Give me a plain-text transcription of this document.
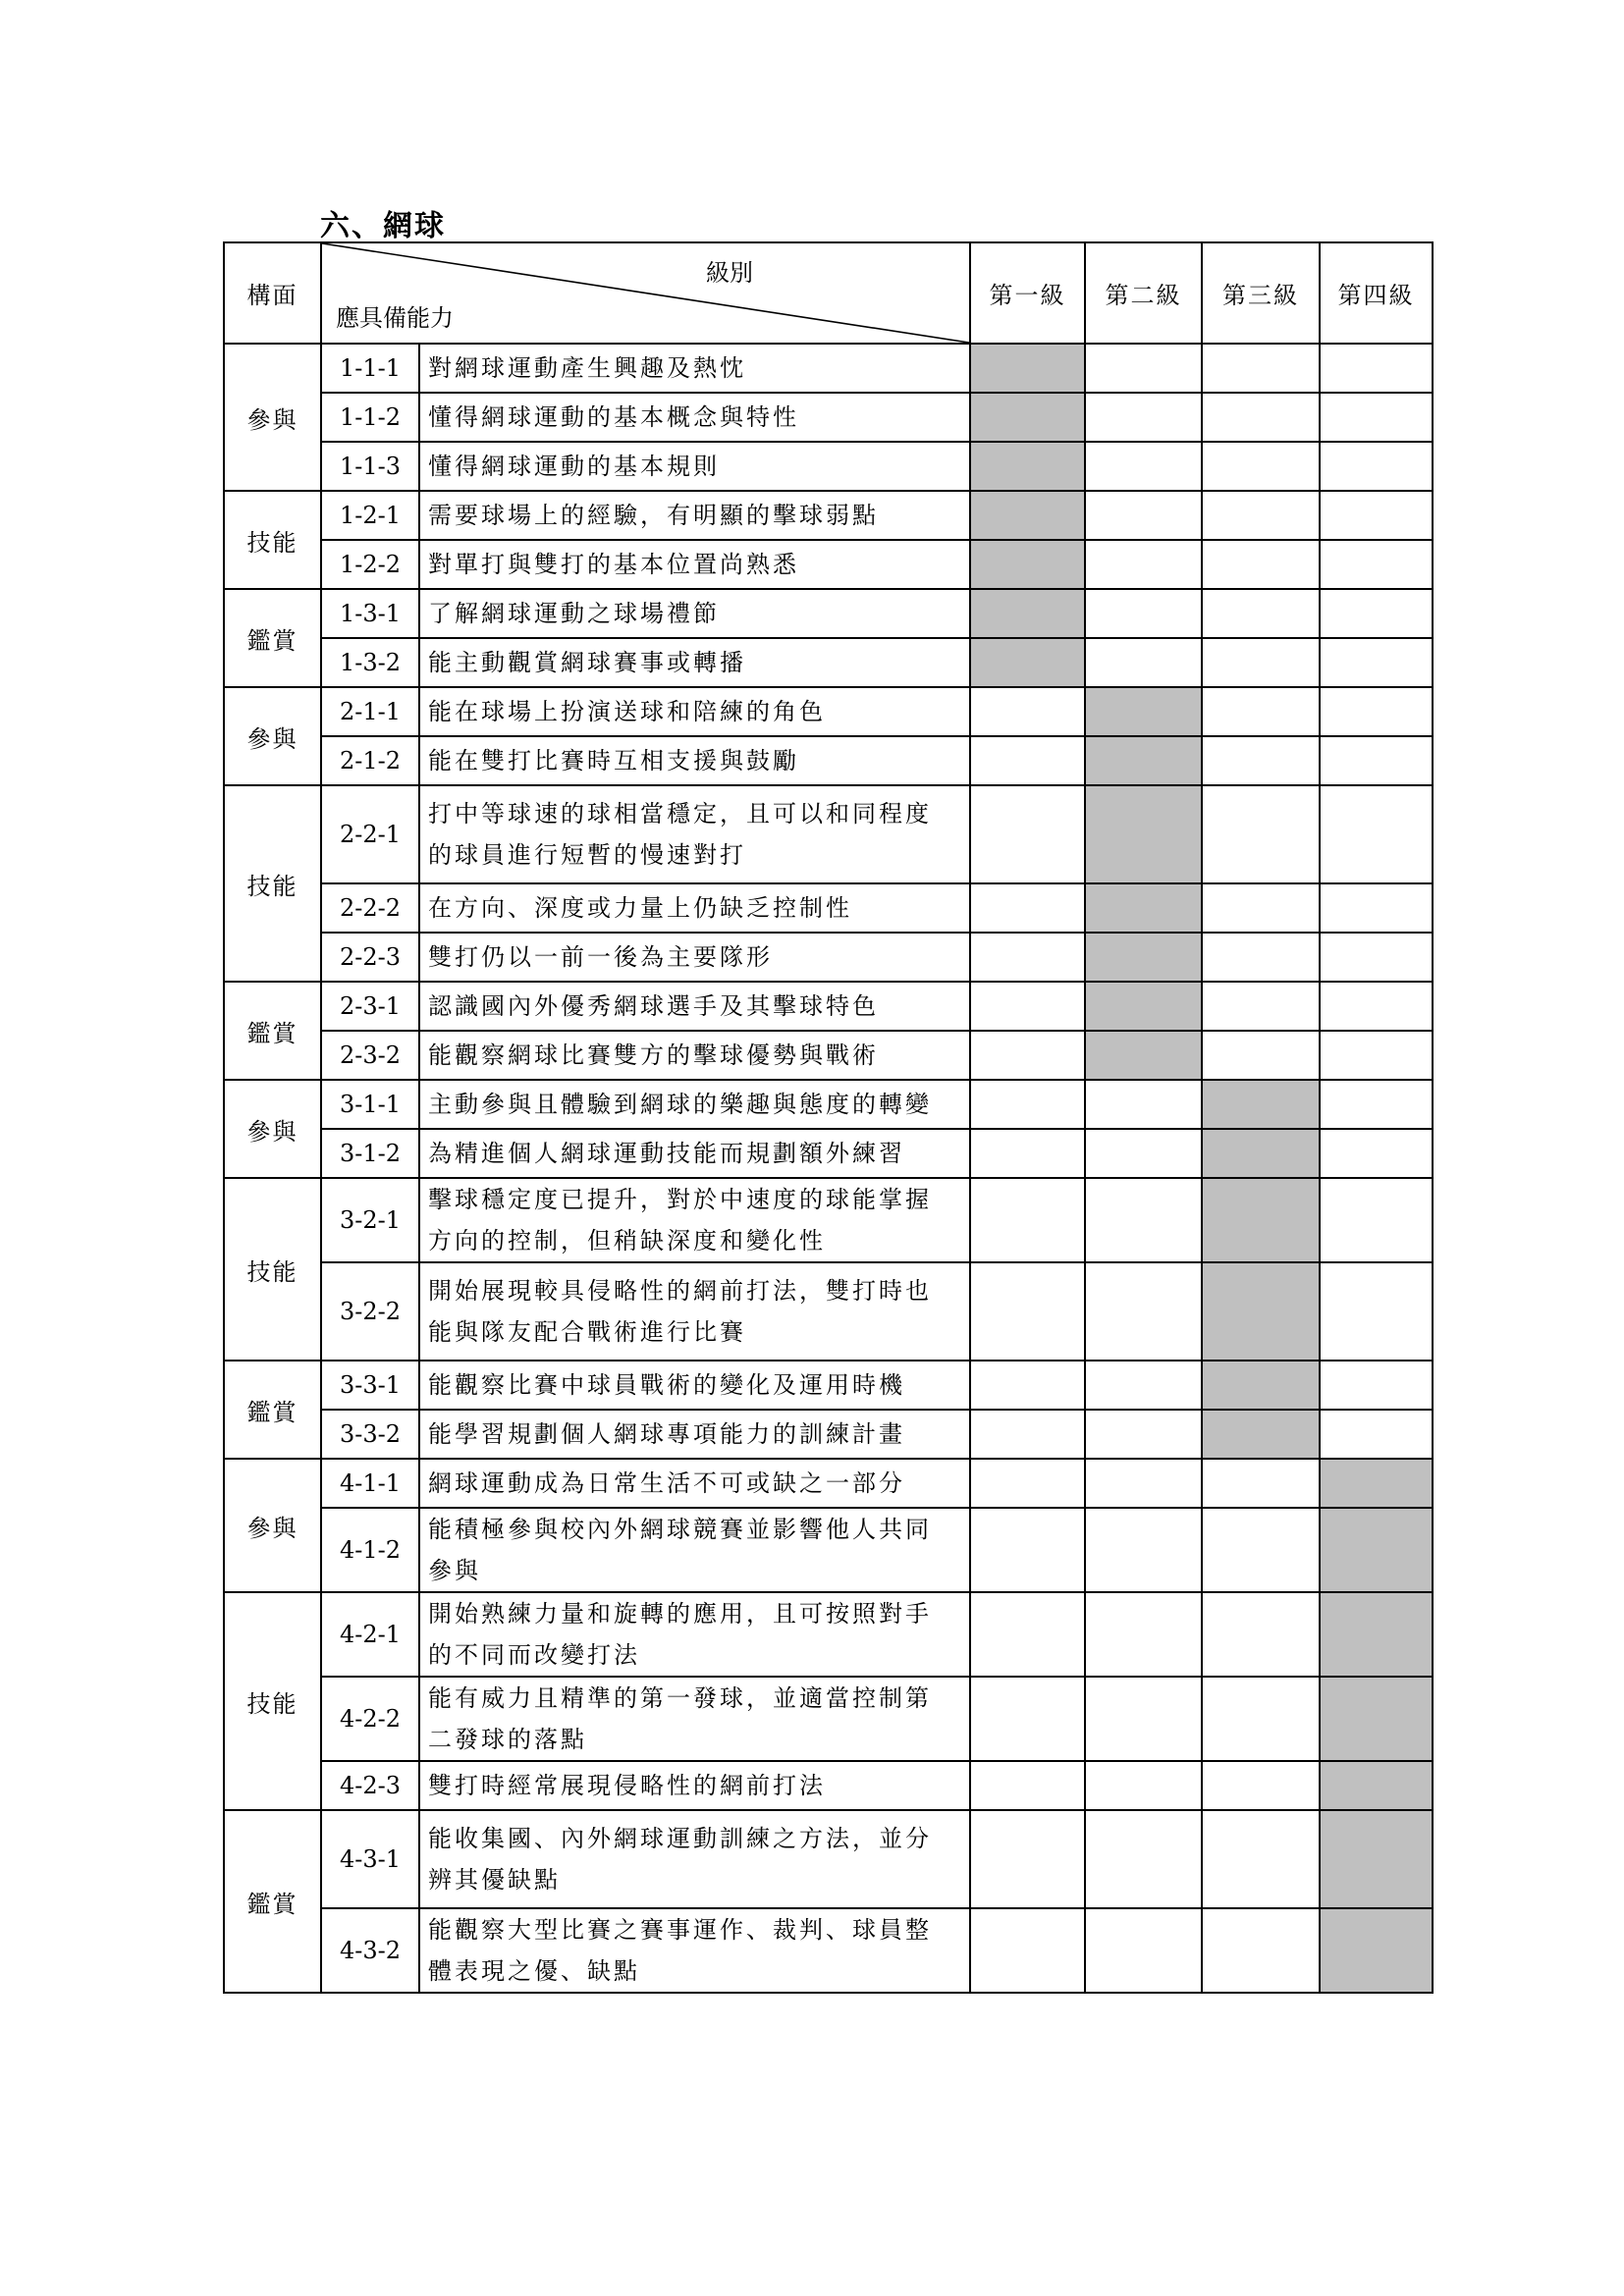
六、網球
構面	級別
應具備能力		第一級	第二級	第三級	第四級
參與	1-1-1	對網球運動產生興趣及熱忱				
	1-1-2	懂得網球運動的基本概念與特性				
	1-1-3	懂得網球運動的基本規則				
技能	1-2-1	需要球場上的經驗，有明顯的擊球弱點				
	1-2-2	對單打與雙打的基本位置尚熟悉				
鑑賞	1-3-1	了解網球運動之球場禮節				
	1-3-2	能主動觀賞網球賽事或轉播				
參與	2-1-1	能在球場上扮演送球和陪練的角色				
	2-1-2	能在雙打比賽時互相支援與鼓勵				
技能	2-2-1	打中等球速的球相當穩定，且可以和同程度的球員進行短暫的慢速對打				
	2-2-2	在方向、深度或力量上仍缺乏控制性				
	2-2-3	雙打仍以一前一後為主要隊形				
鑑賞	2-3-1	認識國內外優秀網球選手及其擊球特色				
	2-3-2	能觀察網球比賽雙方的擊球優勢與戰術				
參與	3-1-1	主動參與且體驗到網球的樂趣與態度的轉變				
	3-1-2	為精進個人網球運動技能而規劃額外練習				
技能	3-2-1	擊球穩定度已提升，對於中速度的球能掌握方向的控制，但稍缺深度和變化性				
	3-2-2	開始展現較具侵略性的網前打法，雙打時也能與隊友配合戰術進行比賽				
鑑賞	3-3-1	能觀察比賽中球員戰術的變化及運用時機				
	3-3-2	能學習規劃個人網球專項能力的訓練計畫				
參與	4-1-1	網球運動成為日常生活不可或缺之一部分				
	4-1-2	能積極參與校內外網球競賽並影響他人共同參與				
技能	4-2-1	開始熟練力量和旋轉的應用，且可按照對手的不同而改變打法				
	4-2-2	能有威力且精準的第一發球，並適當控制第二發球的落點				
	4-2-3	雙打時經常展現侵略性的網前打法				
鑑賞	4-3-1	能收集國、內外網球運動訓練之方法，並分辨其優缺點				
	4-3-2	能觀察大型比賽之賽事運作、裁判、球員整體表現之優、缺點				
